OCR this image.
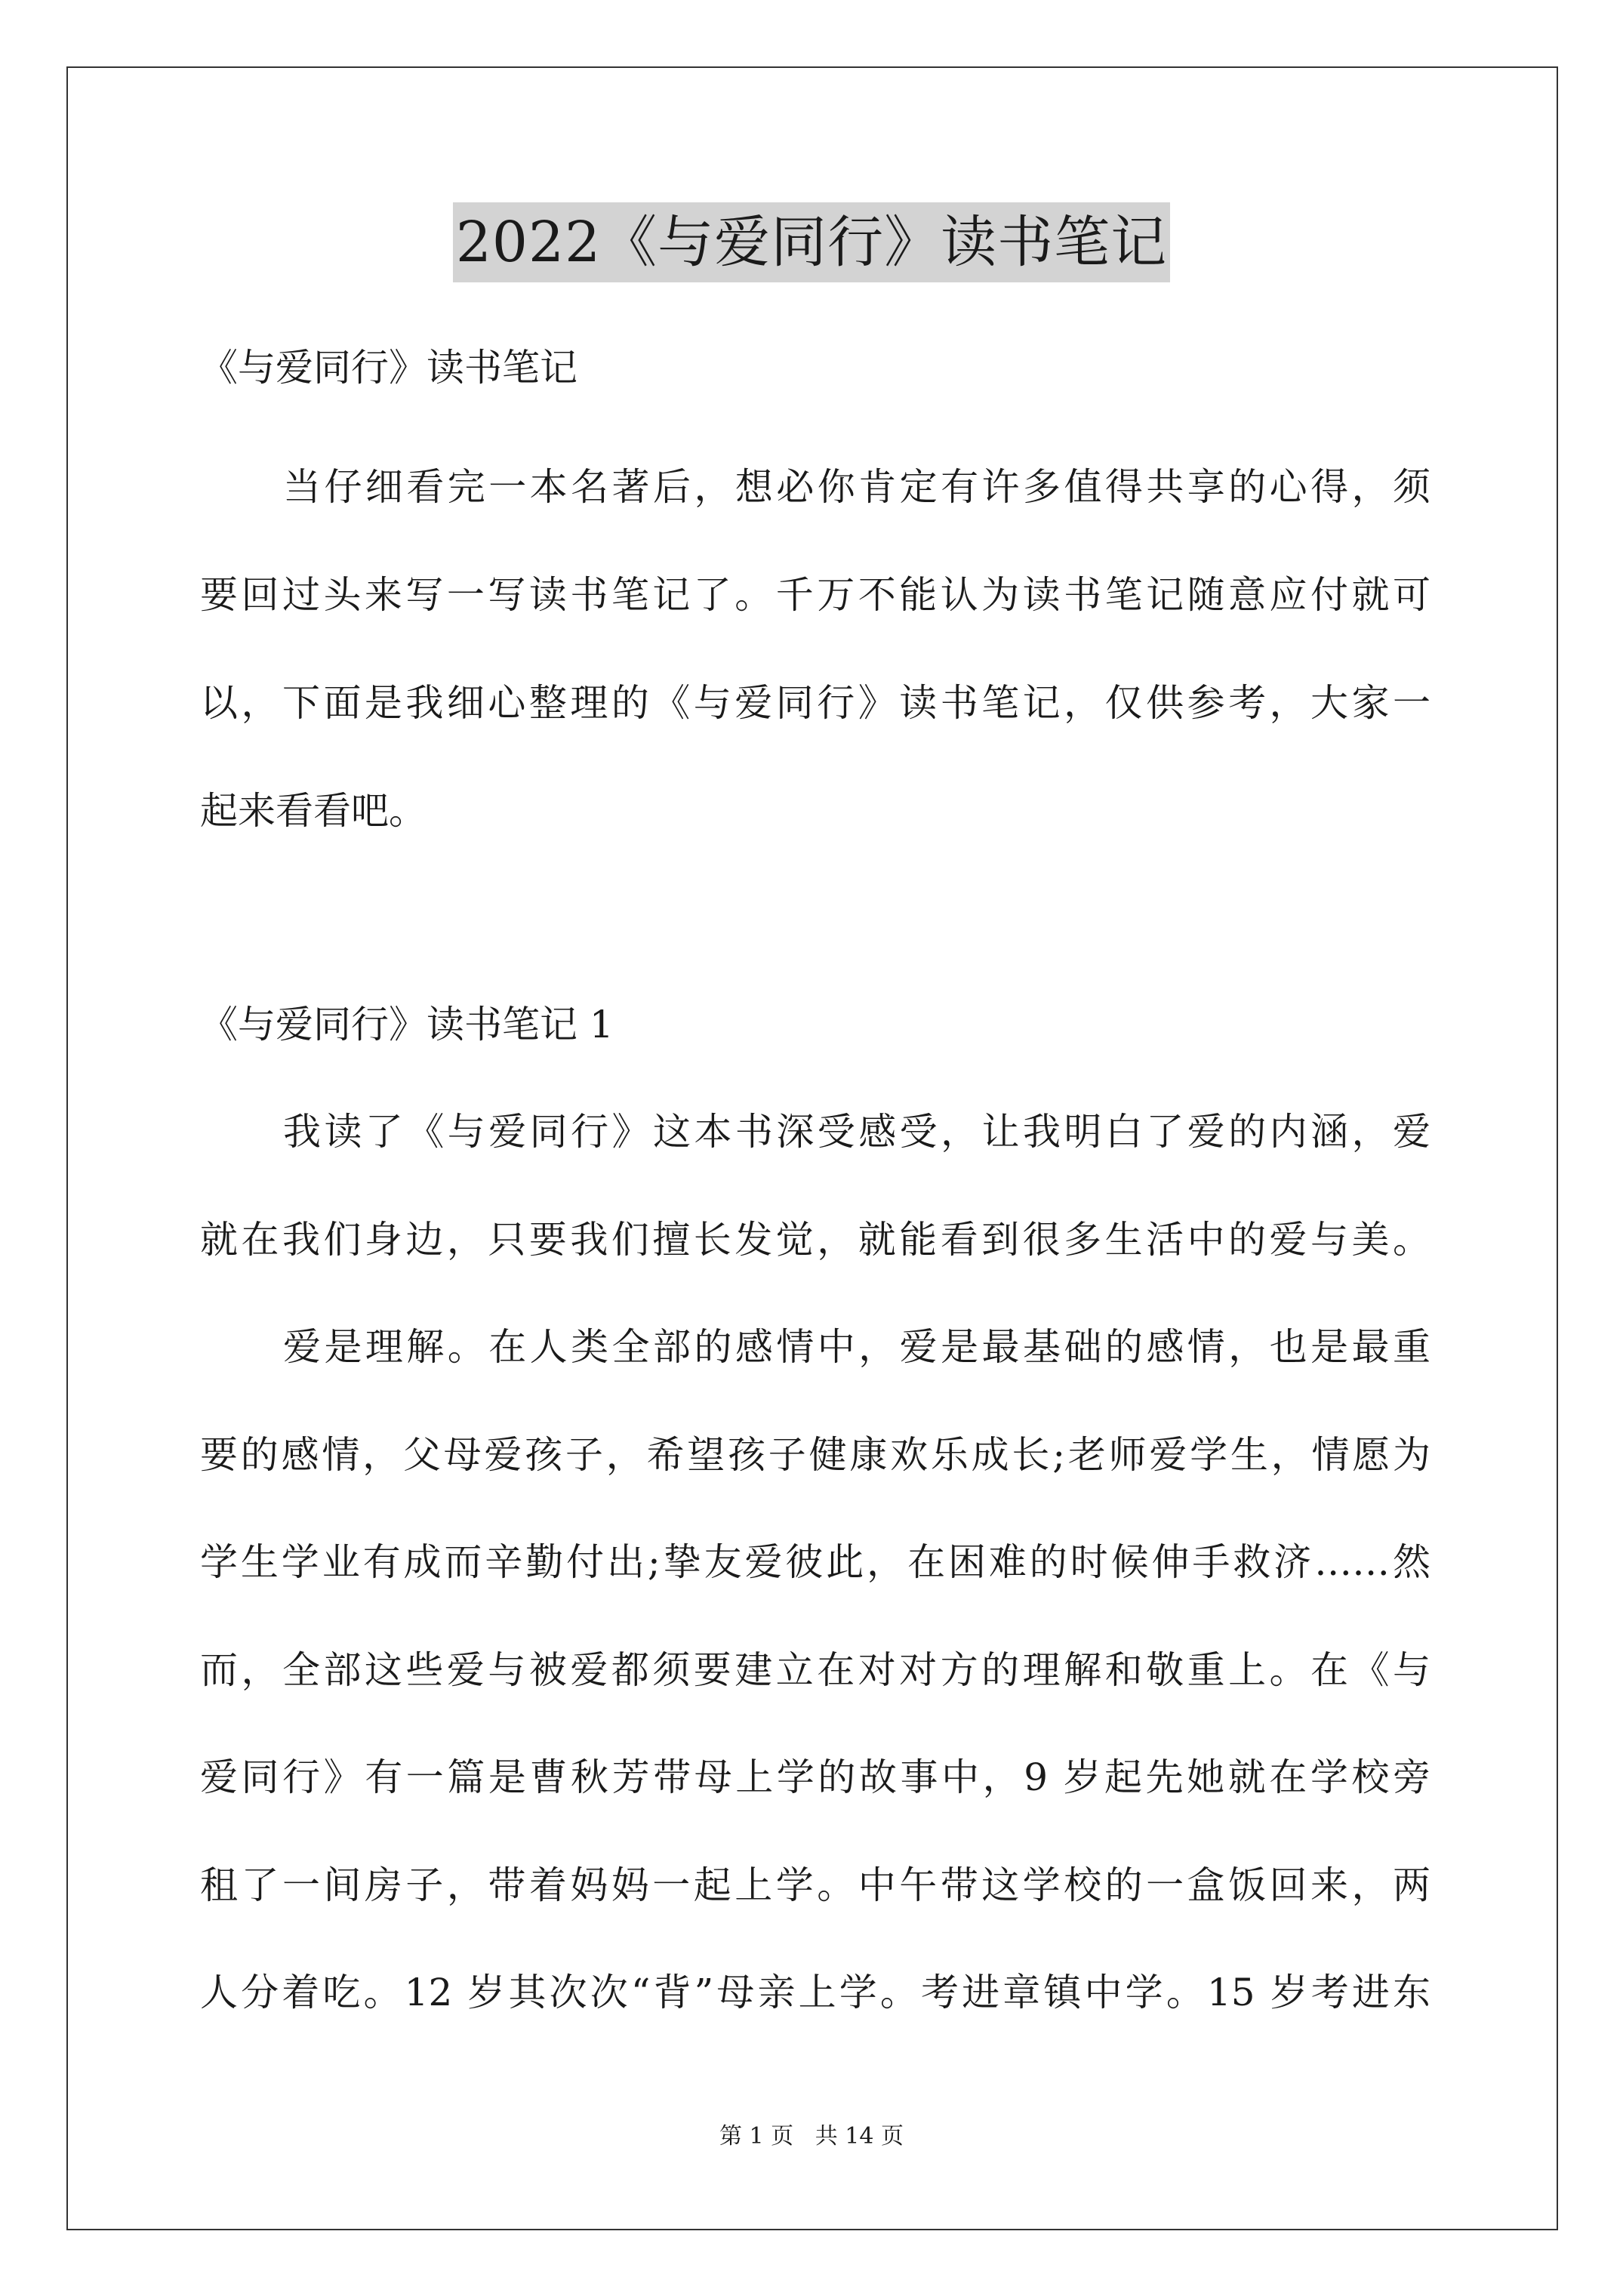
2022《与爱同行》读书笔记
《与爱同行》读书笔记
当仔细看完一本名著后，想必你肯定有许多值得共享的心得，须
要回过头来写一写读书笔记了。千万不能认为读书笔记随意应付就可
以，下面是我细心整理的《与爱同行》读书笔记，仅供参考，大家一
起来看看吧。
《与爱同行》读书笔记 1
我读了《与爱同行》这本书深受感受，让我明白了爱的内涵，爱
就在我们身边，只要我们擅长发觉，就能看到很多生活中的爱与美。
爱是理解。在人类全部的感情中，爱是最基础的感情，也是最重
要的感情，父母爱孩子，希望孩子健康欢乐成长;老师爱学生，情愿为
学生学业有成而辛勤付出;挚友爱彼此，在困难的时候伸手救济……然
而，全部这些爱与被爱都须要建立在对对方的理解和敬重上。在《与
爱同行》有一篇是曹秋芳带母上学的故事中，9 岁起先她就在学校旁
租了一间房子，带着妈妈一起上学。中午带这学校的一盒饭回来，两
人分着吃。12 岁其次次“背”母亲上学。考进章镇中学。15 岁考进东
第 1 页   共 14 页
